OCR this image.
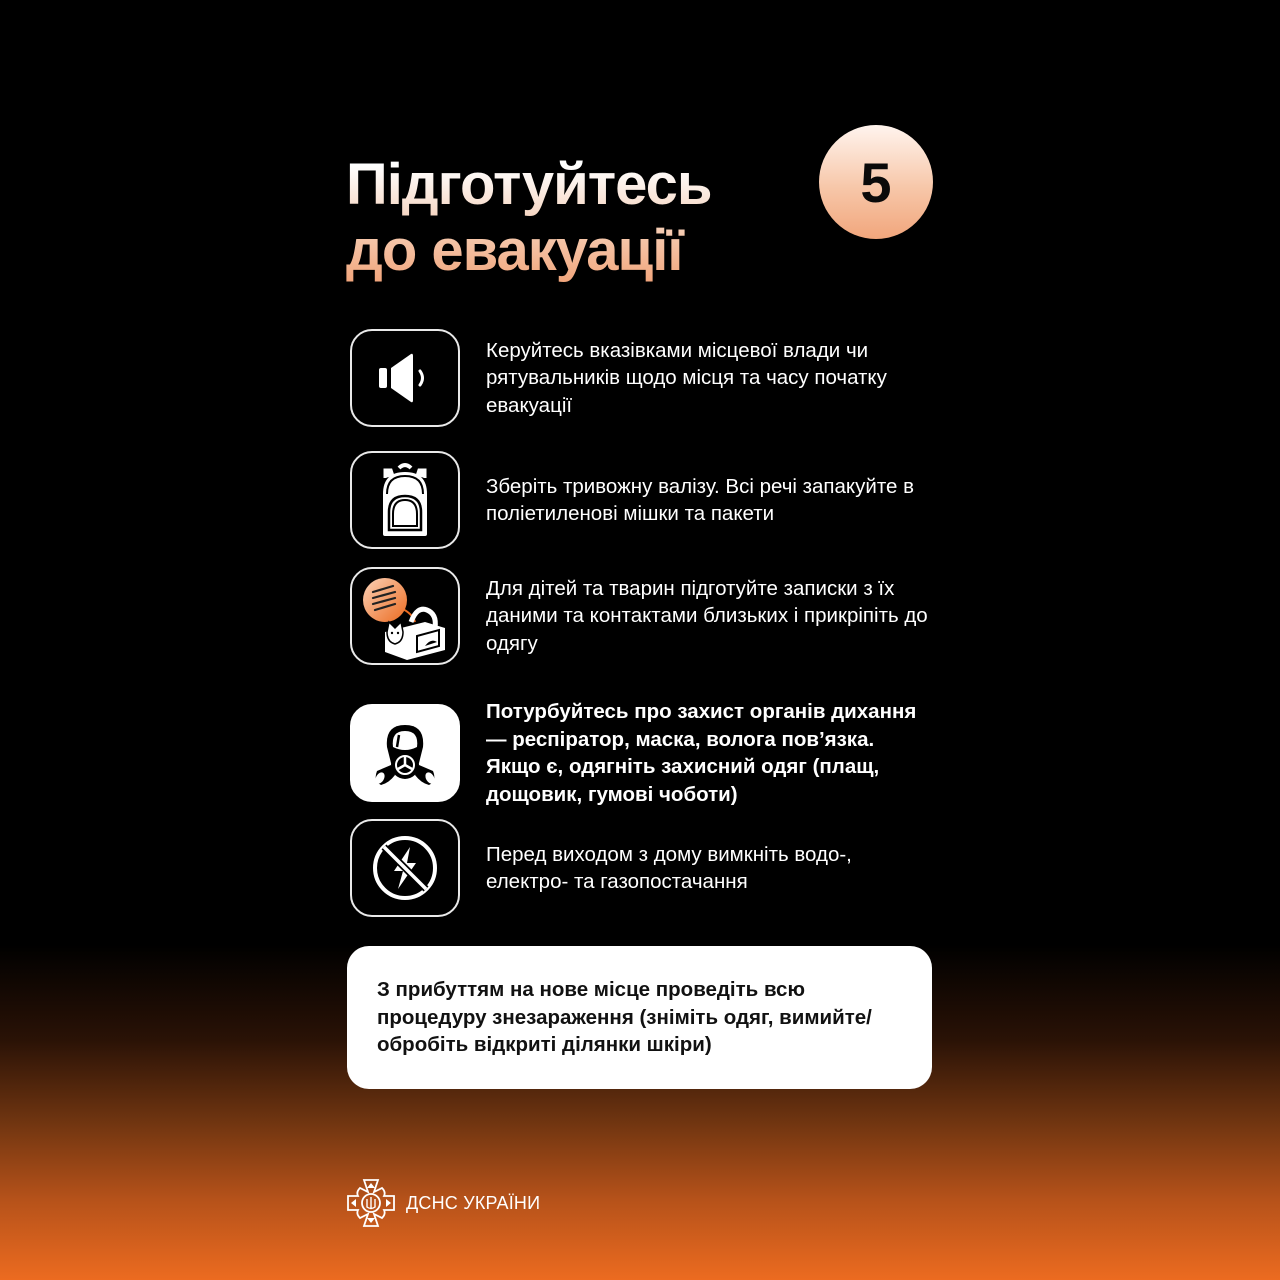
Підготуйтесь
до евакуації
5
Керуйтесь вказівками місцевої влади чи рятувальників щодо місця та часу початку евакуації
Зберіть тривожну валізу. Всі речі запакуйте в поліетиленові мішки та пакети
Для дітей та тварин підготуйте записки з їх даними та контактами близьких і прикріпіть до одягу
Потурбуйтесь про захист органів дихання — респіратор, маска, волога пов’язка. Якщо є, одягніть захисний одяг (плащ, дощовик, гумові чоботи)
Перед виходом з дому вимкніть водо-, електро- та газопостачання
З прибуттям на нове місце проведіть всю процедуру знезараження (зніміть одяг, вимийте/обробіть відкриті ділянки шкіри)
ДСНС УКРАЇНИ
